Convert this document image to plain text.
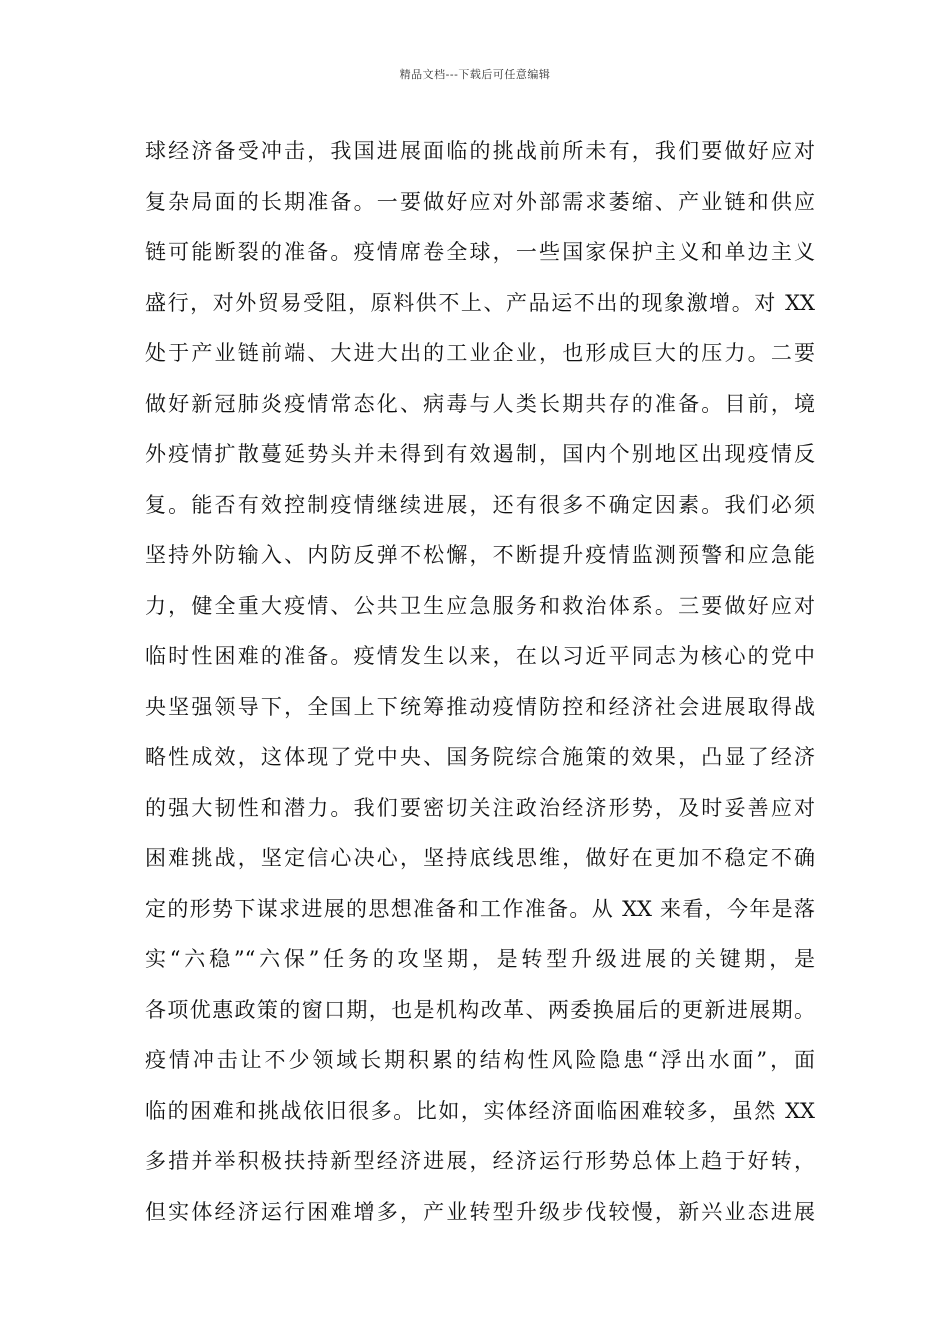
精品文档---下载后可任意编辑
球经济备受冲击，我国进展面临的挑战前所未有，我们要做好应对
复杂局面的长期准备。一要做好应对外部需求萎缩、产业链和供应
链可能断裂的准备。疫情席卷全球，一些国家保护主义和单边主义
盛行，对外贸易受阻，原料供不上、产品运不出的现象激增。对 XX
处于产业链前端、大进大出的工业企业，也形成巨大的压力。二要
做好新冠肺炎疫情常态化、病毒与人类长期共存的准备。目前，境
外疫情扩散蔓延势头并未得到有效遏制，国内个别地区出现疫情反
复。能否有效控制疫情继续进展，还有很多不确定因素。我们必须
坚持外防输入、内防反弹不松懈，不断提升疫情监测预警和应急能
力，健全重大疫情、公共卫生应急服务和救治体系。三要做好应对
临时性困难的准备。疫情发生以来，在以习近平同志为核心的党中
央坚强领导下，全国上下统筹推动疫情防控和经济社会进展取得战
略性成效，这体现了党中央、国务院综合施策的效果，凸显了经济
的强大韧性和潜力。我们要密切关注政治经济形势，及时妥善应对
困难挑战，坚定信心决心，坚持底线思维，做好在更加不稳定不确
定的形势下谋求进展的思想准备和工作准备。从 XX 来看，今年是落
实“六稳”“六保”任务的攻坚期，是转型升级进展的关键期，是
各项优惠政策的窗口期，也是机构改革、两委换届后的更新进展期。
疫情冲击让不少领域长期积累的结构性风险隐患“浮出水面”，面
临的困难和挑战依旧很多。比如，实体经济面临困难较多，虽然 XX
多措并举积极扶持新型经济进展，经济运行形势总体上趋于好转，
但实体经济运行困难增多，产业转型升级步伐较慢，新兴业态进展
